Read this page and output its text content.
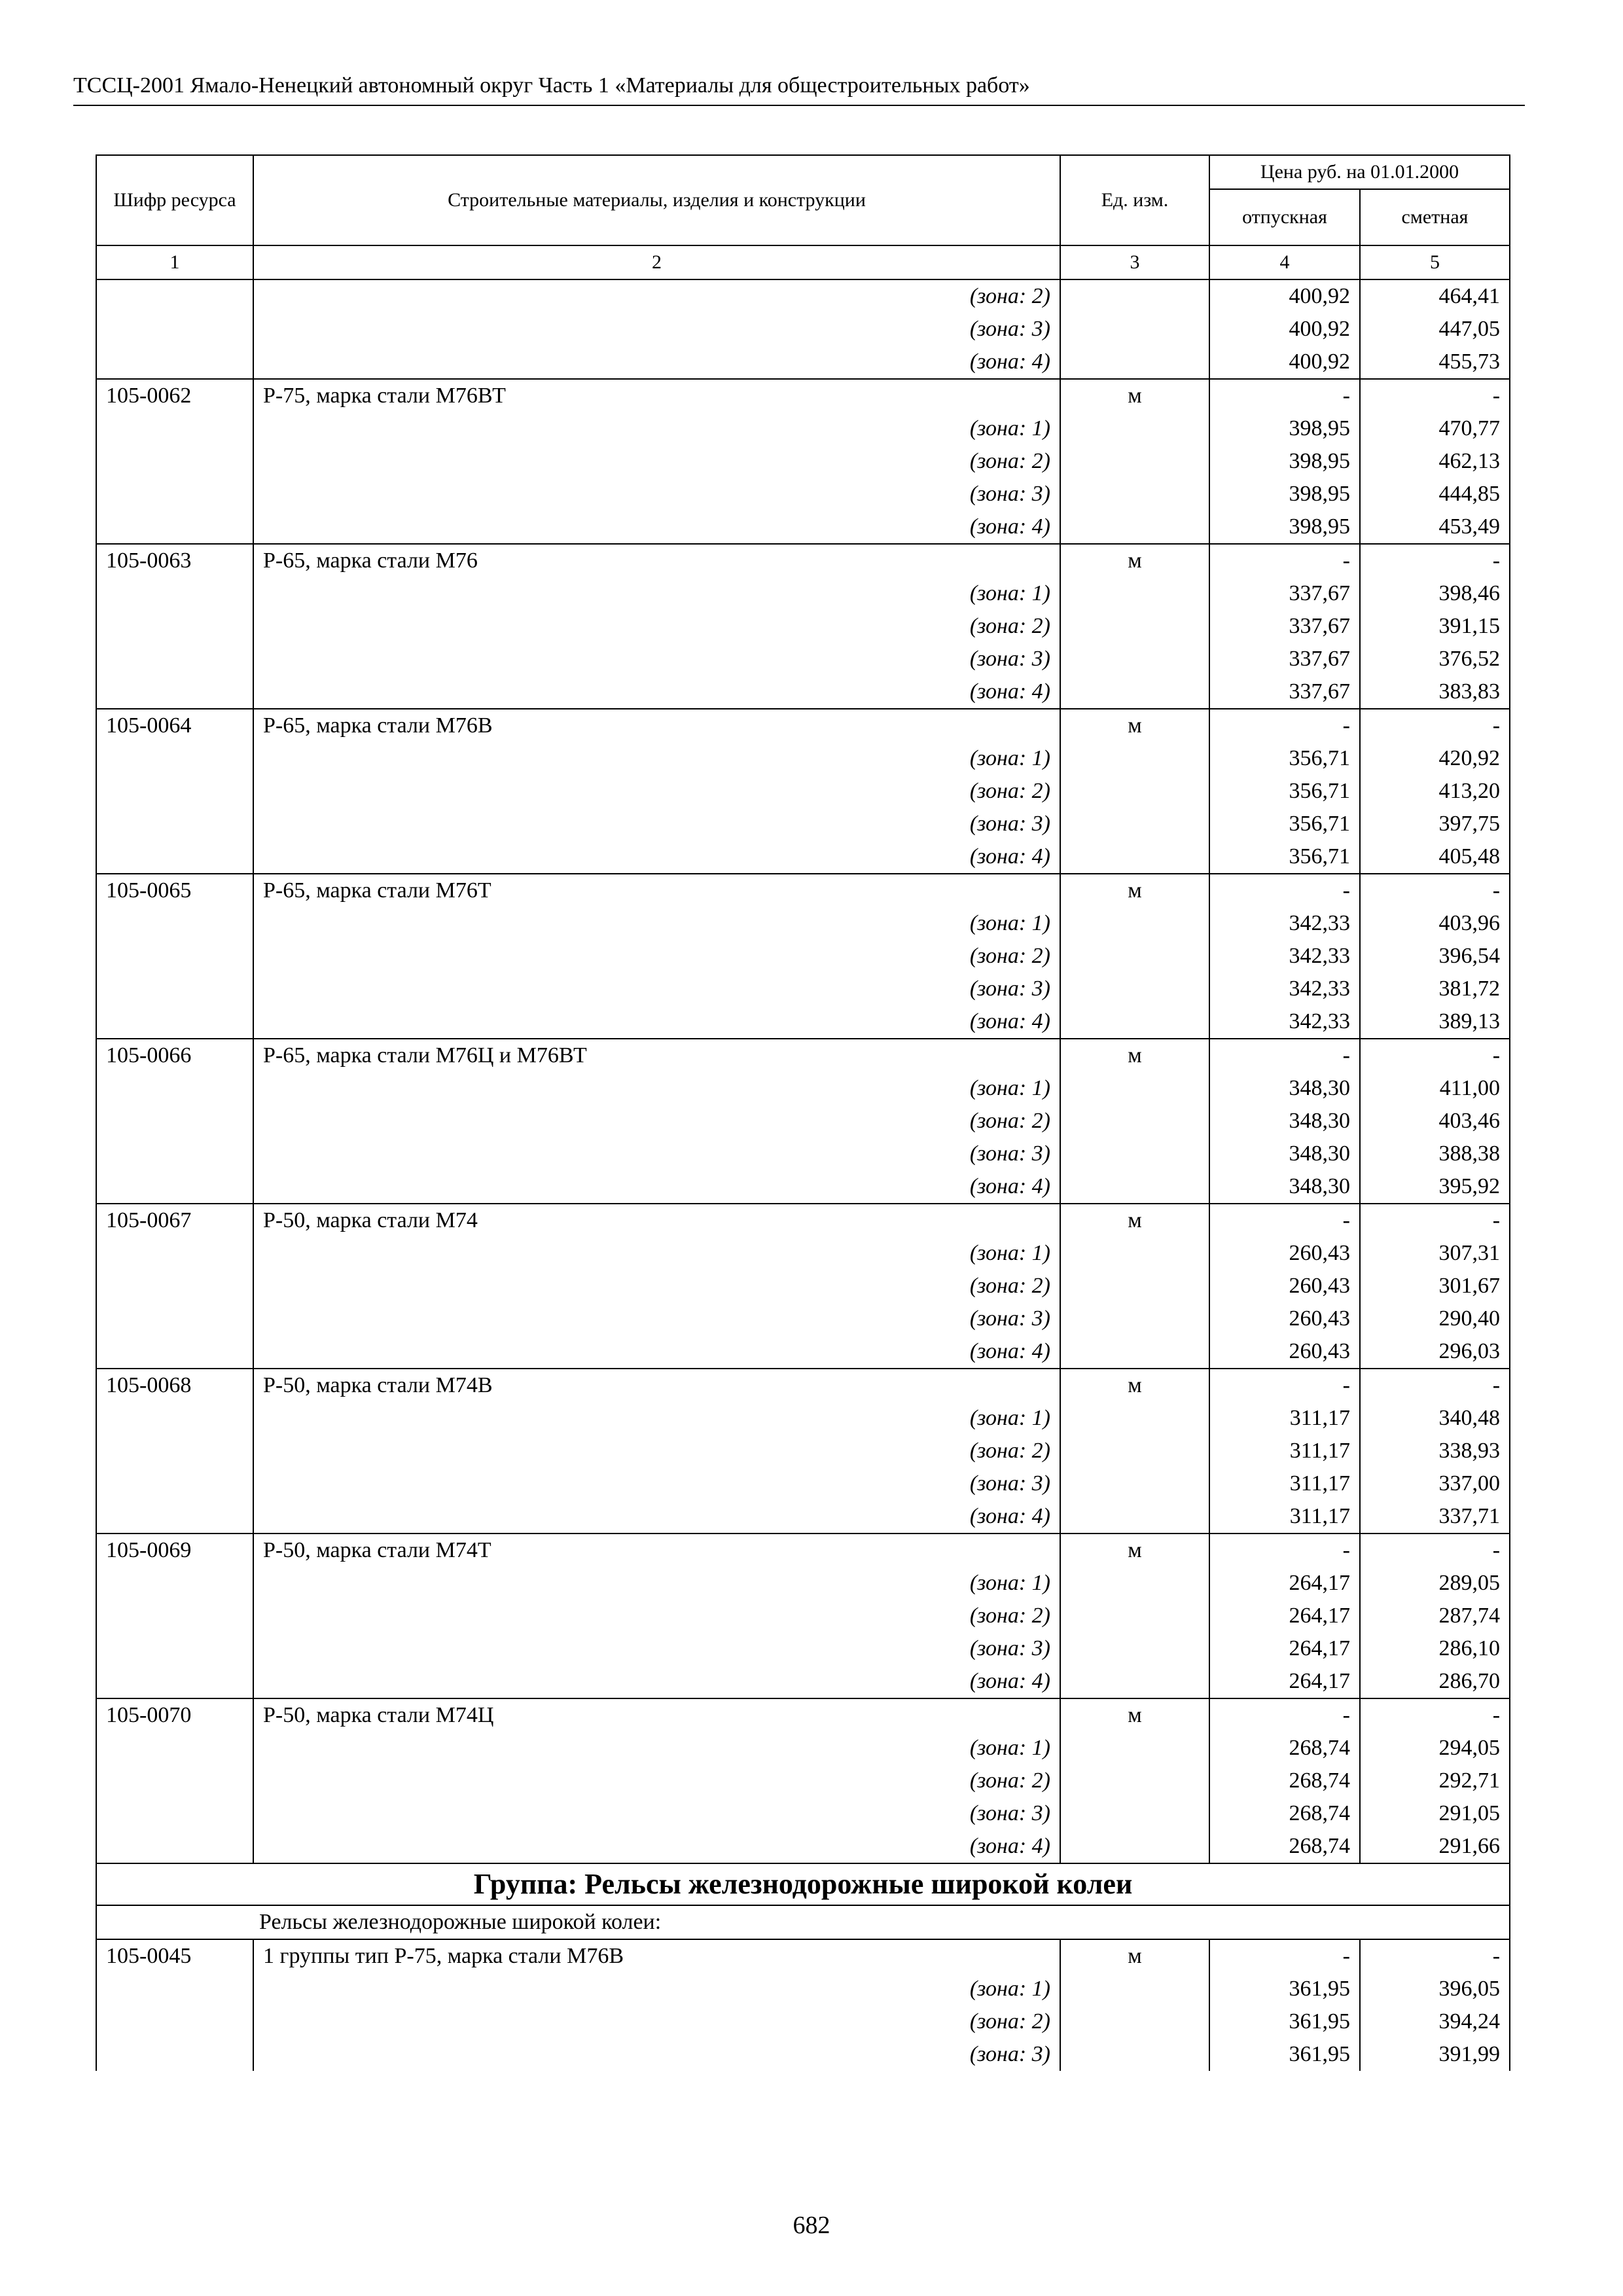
ТССЦ-2001 Ямало-Ненецкий автономный округ Часть 1 «Материалы для общестроительных работ»
Шифр ресурса	Строительные материалы, изделия и конструкции	Ед. изм.	Цена руб. на 01.01.2000	
			отпускная	сметная
1	2	3	4	5
	(зона: 2)		400,92	464,41
	(зона: 3)		400,92	447,05
	(зона: 4)		400,92	455,73
105-0062	Р-75, марка стали М76ВТ	м	-	-
	(зона: 1)		398,95	470,77
	(зона: 2)		398,95	462,13
	(зона: 3)		398,95	444,85
	(зона: 4)		398,95	453,49
105-0063	Р-65, марка стали М76	м	-	-
	(зона: 1)		337,67	398,46
	(зона: 2)		337,67	391,15
	(зона: 3)		337,67	376,52
	(зона: 4)		337,67	383,83
105-0064	Р-65, марка стали М76В	м	-	-
	(зона: 1)		356,71	420,92
	(зона: 2)		356,71	413,20
	(зона: 3)		356,71	397,75
	(зона: 4)		356,71	405,48
105-0065	Р-65, марка стали М76Т	м	-	-
	(зона: 1)		342,33	403,96
	(зона: 2)		342,33	396,54
	(зона: 3)		342,33	381,72
	(зона: 4)		342,33	389,13
105-0066	Р-65, марка стали М76Ц и М76ВТ	м	-	-
	(зона: 1)		348,30	411,00
	(зона: 2)		348,30	403,46
	(зона: 3)		348,30	388,38
	(зона: 4)		348,30	395,92
105-0067	Р-50, марка стали М74	м	-	-
	(зона: 1)		260,43	307,31
	(зона: 2)		260,43	301,67
	(зона: 3)		260,43	290,40
	(зона: 4)		260,43	296,03
105-0068	Р-50, марка стали М74В	м	-	-
	(зона: 1)		311,17	340,48
	(зона: 2)		311,17	338,93
	(зона: 3)		311,17	337,00
	(зона: 4)		311,17	337,71
105-0069	Р-50, марка стали М74Т	м	-	-
	(зона: 1)		264,17	289,05
	(зона: 2)		264,17	287,74
	(зона: 3)		264,17	286,10
	(зона: 4)		264,17	286,70
105-0070	Р-50, марка стали М74Ц	м	-	-
	(зона: 1)		268,74	294,05
	(зона: 2)		268,74	292,71
	(зона: 3)		268,74	291,05
	(зона: 4)		268,74	291,66
Группа: Рельсы железнодорожные широкой колеи				
Рельсы железнодорожные широкой колеи:				
105-0045	1 группы тип Р-75, марка стали М76В	м	-	-
	(зона: 1)		361,95	396,05
	(зона: 2)		361,95	394,24
	(зона: 3)		361,95	391,99
682
